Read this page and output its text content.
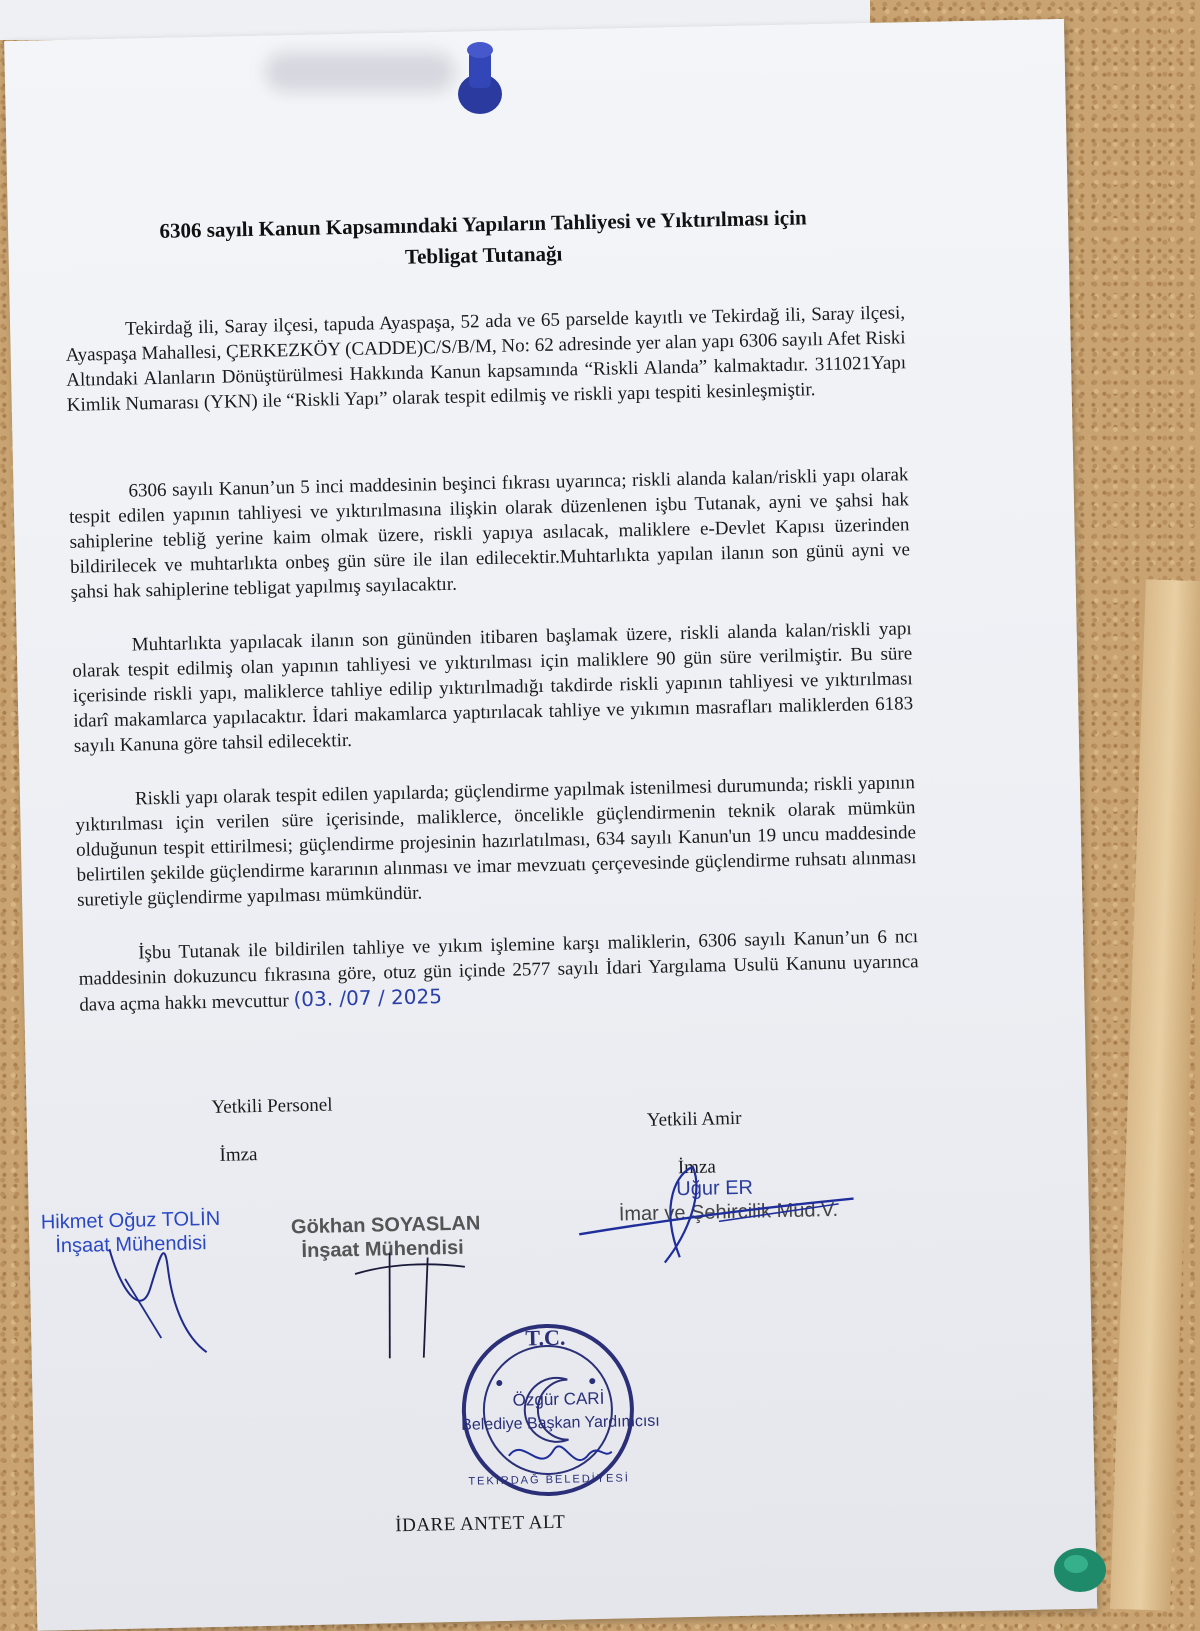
6306 sayılı Kanun Kapsamındaki Yapıların Tahliyesi ve Yıktırılması için
Tebligat Tutanağı
Tekirdağ ili, Saray ilçesi, tapuda Ayaspaşa, 52 ada ve 65 parselde kayıtlı ve Tekirdağ ili, Saray ilçesi, Ayaspaşa Mahallesi, ÇERKEZKÖY (CADDE)C/S/B/M, No: 62 adresinde yer alan yapı 6306 sayılı Afet Riski Altındaki Alanların Dönüştürülmesi Hakkında Kanun kapsamında “Riskli Alanda” kalmaktadır. 311021Yapı Kimlik Numarası (YKN) ile “Riskli Yapı” olarak tespit edilmiş ve riskli yapı tespiti kesinleşmiştir.
6306 sayılı Kanun’un 5 inci maddesinin beşinci fıkrası uyarınca; riskli alanda kalan/riskli yapı olarak tespit edilen yapının tahliyesi ve yıktırılmasına ilişkin olarak düzenlenen işbu Tutanak, ayni ve şahsi hak sahiplerine tebliğ yerine kaim olmak üzere, riskli yapıya asılacak, maliklere e-Devlet Kapısı üzerinden bildirilecek ve muhtarlıkta onbeş gün süre ile ilan edilecektir.Muhtarlıkta yapılan ilanın son günü ayni ve şahsi hak sahiplerine tebligat yapılmış sayılacaktır.
Muhtarlıkta yapılacak ilanın son gününden itibaren başlamak üzere, riskli alanda kalan/riskli yapı olarak tespit edilmiş olan yapının tahliyesi ve yıktırılması için maliklere 90 gün süre verilmiştir. Bu süre içerisinde riskli yapı, maliklerce tahliye edilip yıktırılmadığı takdirde riskli yapının tahliyesi ve yıktırılması idarî makamlarca yapılacaktır. İdari makamlarca yaptırılacak tahliye ve yıkımın masrafları maliklerden 6183 sayılı Kanuna göre tahsil edilecektir.
Riskli yapı olarak tespit edilen yapılarda; güçlendirme yapılmak istenilmesi durumunda; riskli yapının yıktırılması için verilen süre içerisinde, maliklerce, öncelikle güçlendirmenin teknik olarak mümkün olduğunun tespit ettirilmesi; güçlendirme projesinin hazırlatılması, 634 sayılı Kanun'un 19 uncu maddesinde belirtilen şekilde güçlendirme kararının alınması ve imar mevzuatı çerçevesinde güçlendirme ruhsatı alınması suretiyle güçlendirme yapılması mümkündür.
İşbu Tutanak ile bildirilen tahliye ve yıkım işlemine karşı maliklerin, 6306 sayılı Kanun’un 6 ncı maddesinin dokuzuncu fıkrasına göre, otuz gün içinde 2577 sayılı İdari Yargılama Usulü Kanunu uyarınca dava açma hakkı mevcuttur (03. /07 / 2025
Yetkili Personel
İmza
Yetkili Amir
İmza
Hikmet Oğuz TOLİN
İnşaat Mühendisi
Gökhan SOYASLAN
İnşaat Mühendisi
Uğur ER
İmar ve Şehircilik Müd.V.
T.C.
TEKİRDAĞ BELEDİYESİ
Özgür CARİ
Belediye Başkan Yardımcısı
İDARE ANTET ALT
